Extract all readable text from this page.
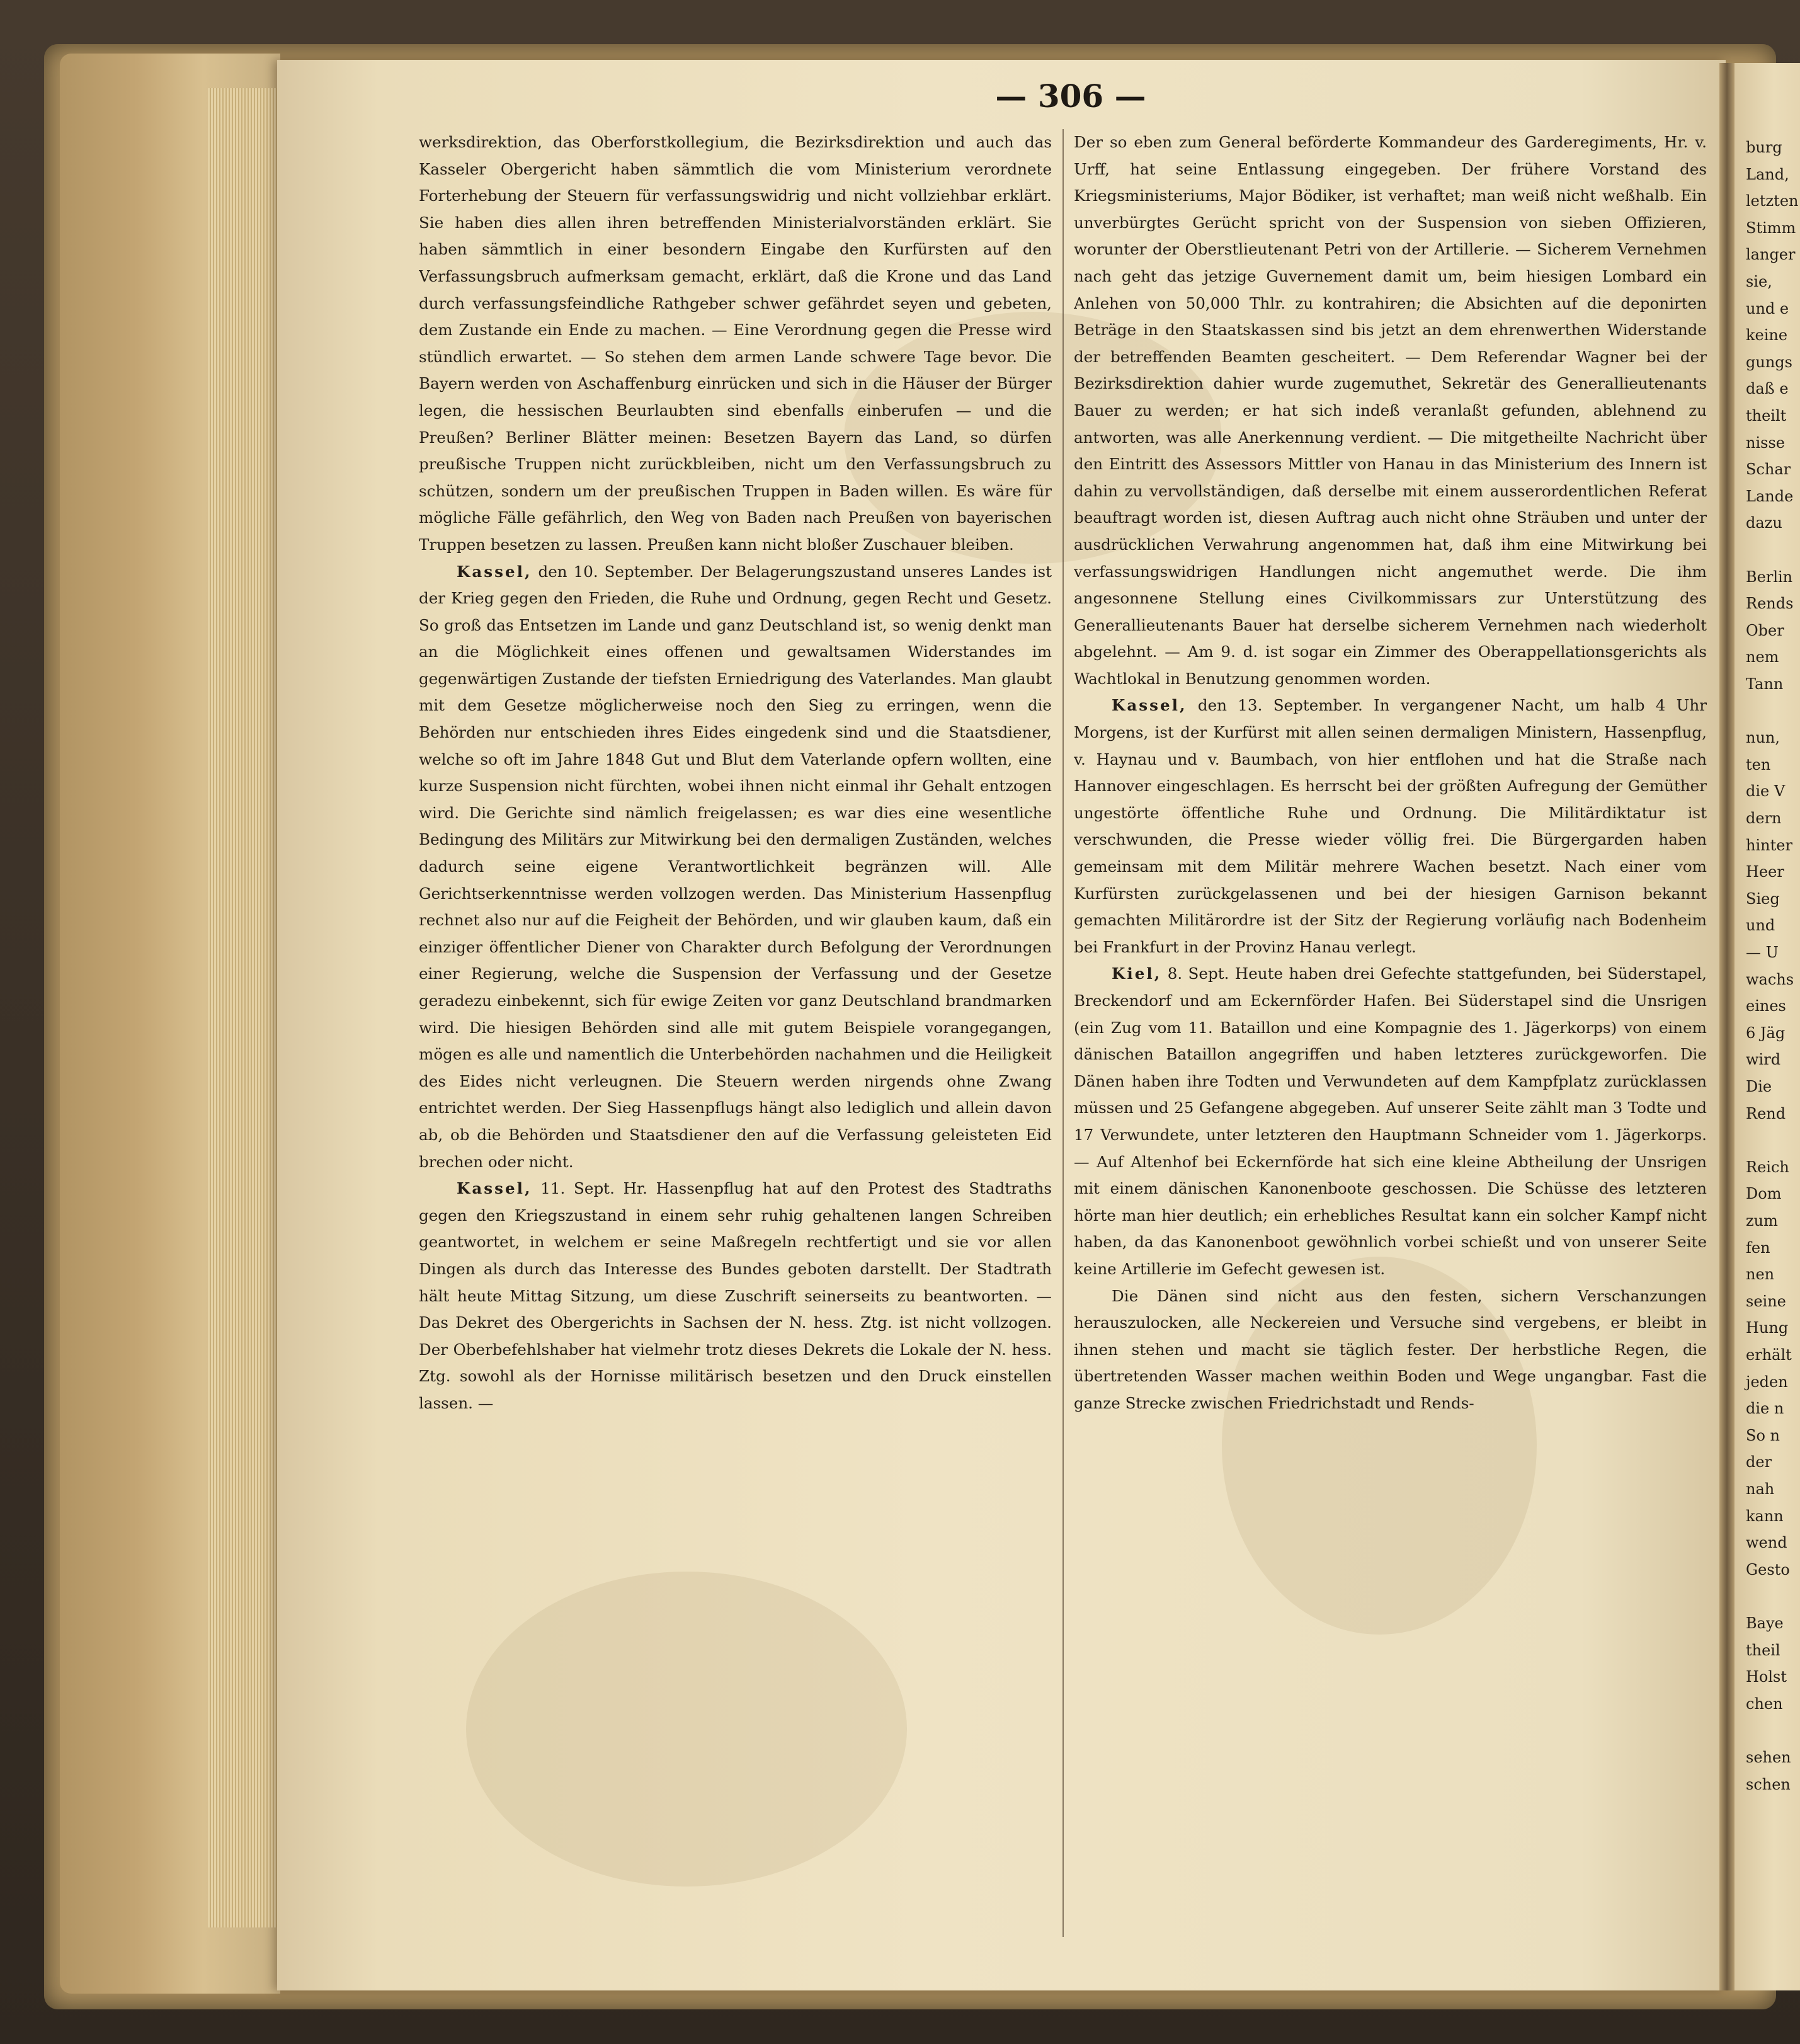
— 306 —

werksdirektion, das Oberforstkollegium, die Bezirksdirektion und auch das Kasseler Obergericht haben sämmtlich die vom Ministerium verordnete Forterhebung der Steuern für verfassungswidrig und nicht vollziehbar erklärt. Sie haben dies allen ihren betreffenden Ministerialvorständen erklärt. Sie haben sämmtlich in einer besondern Eingabe den Kurfürsten auf den Verfassungsbruch aufmerksam gemacht, erklärt, daß die Krone und das Land durch verfassungsfeindliche Rathgeber schwer gefährdet seyen und gebeten, dem Zustande ein Ende zu machen. — Eine Verordnung gegen die Presse wird stündlich erwartet. — So stehen dem armen Lande schwere Tage bevor. Die Bayern werden von Aschaffenburg einrücken und sich in die Häuser der Bürger legen, die hessischen Beurlaubten sind ebenfalls einberufen — und die Preußen? Berliner Blätter meinen: Besetzen Bayern das Land, so dürfen preußische Truppen nicht zurückbleiben, nicht um den Verfassungsbruch zu schützen, sondern um der preußischen Truppen in Baden willen. Es wäre für mögliche Fälle gefährlich, den Weg von Baden nach Preußen von bayerischen Truppen besetzen zu lassen. Preußen kann nicht bloßer Zuschauer bleiben.

Kassel, den 10. September. Der Belagerungszustand unseres Landes ist der Krieg gegen den Frieden, die Ruhe und Ordnung, gegen Recht und Gesetz. So groß das Entsetzen im Lande und ganz Deutschland ist, so wenig denkt man an die Möglichkeit eines offenen und gewaltsamen Widerstandes im gegenwärtigen Zustande der tiefsten Erniedrigung des Vaterlandes. Man glaubt mit dem Gesetze möglicherweise noch den Sieg zu erringen, wenn die Behörden nur entschieden ihres Eides eingedenk sind und die Staatsdiener, welche so oft im Jahre 1848 Gut und Blut dem Vaterlande opfern wollten, eine kurze Suspension nicht fürchten, wobei ihnen nicht einmal ihr Gehalt entzogen wird. Die Gerichte sind nämlich freigelassen; es war dies eine wesentliche Bedingung des Militärs zur Mitwirkung bei den dermaligen Zuständen, welches dadurch seine eigene Verantwortlichkeit begränzen will. Alle Gerichtserkenntnisse werden vollzogen werden. Das Ministerium Hassenpflug rechnet also nur auf die Feigheit der Behörden, und wir glauben kaum, daß ein einziger öffentlicher Diener von Charakter durch Befolgung der Verordnungen einer Regierung, welche die Suspension der Verfassung und der Gesetze geradezu einbekennt, sich für ewige Zeiten vor ganz Deutschland brandmarken wird. Die hiesigen Behörden sind alle mit gutem Beispiele vorangegangen, mögen es alle und namentlich die Unterbehörden nachahmen und die Heiligkeit des Eides nicht verleugnen. Die Steuern werden nirgends ohne Zwang entrichtet werden. Der Sieg Hassenpflugs hängt also lediglich und allein davon ab, ob die Behörden und Staatsdiener den auf die Verfassung geleisteten Eid brechen oder nicht.

Kassel, 11. Sept. Hr. Hassenpflug hat auf den Protest des Stadtraths gegen den Kriegszustand in einem sehr ruhig gehaltenen langen Schreiben geantwortet, in welchem er seine Maßregeln rechtfertigt und sie vor allen Dingen als durch das Interesse des Bundes geboten darstellt. Der Stadtrath hält heute Mittag Sitzung, um diese Zuschrift seinerseits zu beantworten. — Das Dekret des Obergerichts in Sachsen der N. hess. Ztg. ist nicht vollzogen. Der Oberbefehlshaber hat vielmehr trotz dieses Dekrets die Lokale der N. hess. Ztg. sowohl als der Hornisse militärisch besetzen und den Druck einstellen lassen. —

Der so eben zum General beförderte Kommandeur des Garderegiments, Hr. v. Urff, hat seine Entlassung eingegeben. Der frühere Vorstand des Kriegsministeriums, Major Bödiker, ist verhaftet; man weiß nicht weßhalb. Ein unverbürgtes Gerücht spricht von der Suspension von sieben Offizieren, worunter der Oberstlieutenant Petri von der Artillerie. — Sicherem Vernehmen nach geht das jetzige Guvernement damit um, beim hiesigen Lombard ein Anlehen von 50,000 Thlr. zu kontrahiren; die Absichten auf die deponirten Beträge in den Staatskassen sind bis jetzt an dem ehrenwerthen Widerstande der betreffenden Beamten gescheitert. — Dem Referendar Wagner bei der Bezirksdirektion dahier wurde zugemuthet, Sekretär des Generallieutenants Bauer zu werden; er hat sich indeß veranlaßt gefunden, ablehnend zu antworten, was alle Anerkennung verdient. — Die mitgetheilte Nachricht über den Eintritt des Assessors Mittler von Hanau in das Ministerium des Innern ist dahin zu vervollständigen, daß derselbe mit einem ausserordentlichen Referat beauftragt worden ist, diesen Auftrag auch nicht ohne Sträuben und unter der ausdrücklichen Verwahrung angenommen hat, daß ihm eine Mitwirkung bei verfassungswidrigen Handlungen nicht angemuthet werde. Die ihm angesonnene Stellung eines Civilkommissars zur Unterstützung des Generallieutenants Bauer hat derselbe sicherem Vernehmen nach wiederholt abgelehnt. — Am 9. d. ist sogar ein Zimmer des Oberappellationsgerichts als Wachtlokal in Benutzung genommen worden.

Kassel, den 13. September. In vergangener Nacht, um halb 4 Uhr Morgens, ist der Kurfürst mit allen seinen dermaligen Ministern, Hassenpflug, v. Haynau und v. Baumbach, von hier entflohen und hat die Straße nach Hannover eingeschlagen. Es herrscht bei der größten Aufregung der Gemüther ungestörte öffentliche Ruhe und Ordnung. Die Militärdiktatur ist verschwunden, die Presse wieder völlig frei. Die Bürgergarden haben gemeinsam mit dem Militär mehrere Wachen besetzt. Nach einer vom Kurfürsten zurückgelassenen und bei der hiesigen Garnison bekannt gemachten Militärordre ist der Sitz der Regierung vorläufig nach Bodenheim bei Frankfurt in der Provinz Hanau verlegt.

Kiel, 8. Sept. Heute haben drei Gefechte stattgefunden, bei Süderstapel, Breckendorf und am Eckernförder Hafen. Bei Süderstapel sind die Unsrigen (ein Zug vom 11. Bataillon und eine Kompagnie des 1. Jägerkorps) von einem dänischen Bataillon angegriffen und haben letzteres zurückgeworfen. Die Dänen haben ihre Todten und Verwundeten auf dem Kampfplatz zurücklassen müssen und 25 Gefangene abgegeben. Auf unserer Seite zählt man 3 Todte und 17 Verwundete, unter letzteren den Hauptmann Schneider vom 1. Jägerkorps. — Auf Altenhof bei Eckernförde hat sich eine kleine Abtheilung der Unsrigen mit einem dänischen Kanonenboote geschossen. Die Schüsse des letzteren hörte man hier deutlich; ein erhebliches Resultat kann ein solcher Kampf nicht haben, da das Kanonenboot gewöhnlich vorbei schießt und von unserer Seite keine Artillerie im Gefecht gewesen ist.

Die Dänen sind nicht aus den festen, sichern Verschanzungen herauszulocken, alle Neckereien und Versuche sind vergebens, er bleibt in ihnen stehen und macht sie täglich fester. Der herbstliche Regen, die übertretenden Wasser machen weithin Boden und Wege ungangbar. Fast die ganze Strecke zwischen Friedrichstadt und Rends-

burg
Land,
letzten
Stimm
langer
sie,
und e
keine
gungs
daß e
theilt
nisse
Schar
Lande
dazu
Berlin
Rends
Ober
nem
Tann
nun,
ten
die V
dern
hinter
Heer
Sieg
und
— U
wachs
eines
6 Jäg
wird
Die
Rend
Reich
Dom
zum
fen
nen
seine
Hung
erhält
jeden
die n
So n
der
nah
kann
wend
Gesto
Baye
theil
Holst
chen
sehen
schen
